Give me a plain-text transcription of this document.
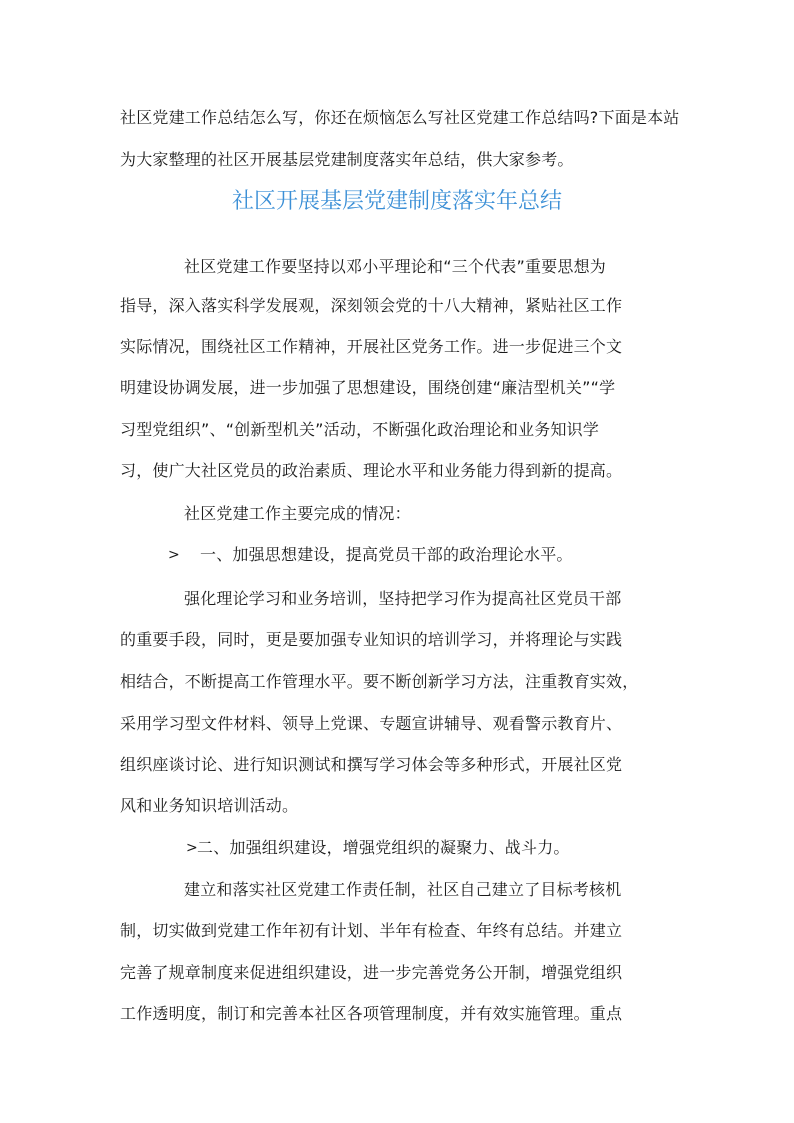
社区党建工作总结怎么写，你还在烦恼怎么写社区党建工作总结吗?下面是本站
为大家整理的社区开展基层党建制度落实年总结，供大家参考。
社区开展基层党建制度落实年总结
社区党建工作要坚持以邓小平理论和“三个代表”重要思想为
指导，深入落实科学发展观，深刻领会党的十八大精神，紧贴社区工作
实际情况，围绕社区工作精神，开展社区党务工作。进一步促进三个文
明建设协调发展，进一步加强了思想建设，围绕创建“廉洁型机关”“学
习型党组织”、“创新型机关”活动，不断强化政治理论和业务知识学
习，使广大社区党员的政治素质、理论水平和业务能力得到新的提高。
社区党建工作主要完成的情况：
> 一、加强思想建设，提高党员干部的政治理论水平。
强化理论学习和业务培训，坚持把学习作为提高社区党员干部
的重要手段，同时，更是要加强专业知识的培训学习，并将理论与实践
相结合，不断提高工作管理水平。要不断创新学习方法，注重教育实效，
采用学习型文件材料、领导上党课、专题宣讲辅导、观看警示教育片、
组织座谈讨论、进行知识测试和撰写学习体会等多种形式，开展社区党
风和业务知识培训活动。
> 二、加强组织建设，增强党组织的凝聚力、战斗力。
建立和落实社区党建工作责任制，社区自己建立了目标考核机
制，切实做到党建工作年初有计划、半年有检查、年终有总结。并建立
完善了规章制度来促进组织建设，进一步完善党务公开制，增强党组织
工作透明度，制订和完善本社区各项管理制度，并有效实施管理。重点
